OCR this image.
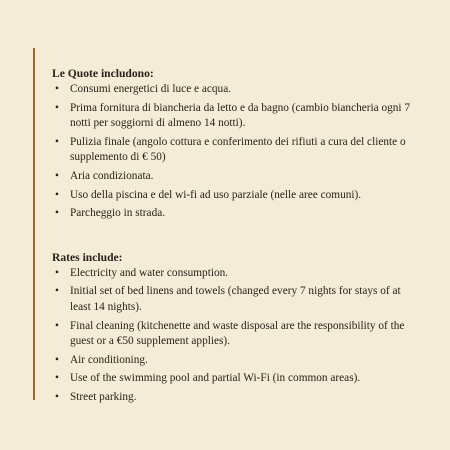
Le Quote includono:
• Consumi energetici di luce e acqua.
• Prima fornitura di biancheria da letto e da bagno (cambio biancheria ogni 7 notti per soggiorni di almeno 14 notti).
• Pulizia finale (angolo cottura e conferimento dei rifiuti a cura del cliente o supplemento di € 50)
• Aria condizionata.
• Uso della piscina e del wi-fi ad uso parziale (nelle aree comuni).
• Parcheggio in strada.
Rates include:
• Electricity and water consumption.
• Initial set of bed linens and towels (changed every 7 nights for stays of at least 14 nights).
• Final cleaning (kitchenette and waste disposal are the responsibility of the guest or a €50 supplement applies).
• Air conditioning.
• Use of the swimming pool and partial Wi-Fi (in common areas).
• Street parking.
